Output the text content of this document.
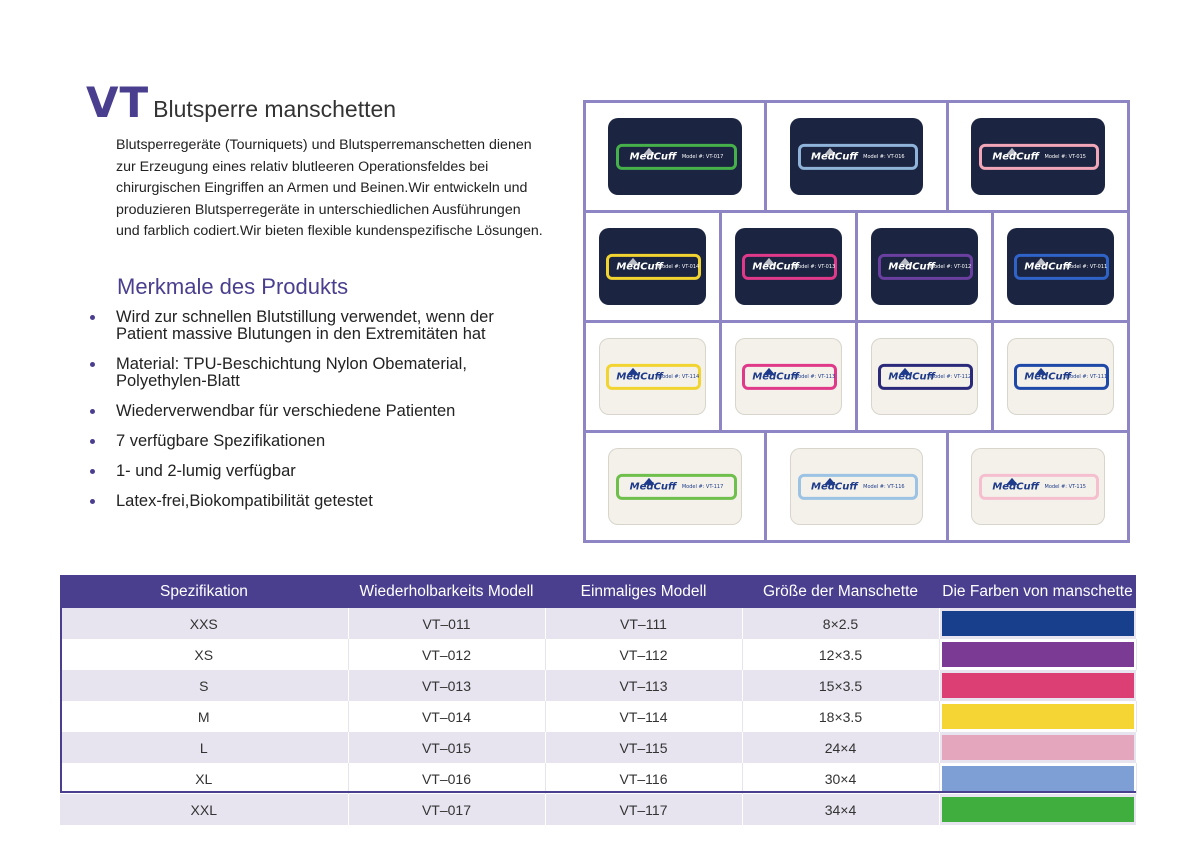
VT Blutsperre manschetten

Blutsperregeräte (Tourniquets) und Blutsperremanschetten dienen

zur Erzeugung eines relativ blutleeren Operationsfeldes bei

chirurgischen Eingriffen an Armen und Beinen.Wir entwickeln und

produzieren Blutsperregeräte in unterschiedlichen Ausführungen

und farblich codiert.Wir bieten flexible kundenspezifische Lösungen.

Merkmale des Produkts
Wird zur schnellen Blutstillung verwendet, wenn der
Patient massive Blutungen in den Extremitäten hat
Material: TPU-Beschichtung Nylon Obematerial,
Polyethylen-Blatt
Wiederverwendbar für verschiedene Patienten
7 verfügbare Spezifikationen
1- und 2-lumig verfügbar
Latex-frei,Biokompatibilität getestet
MedCuff Model #: VT-017	MedCuff Model #: VT-016	MedCuff Model #: VT-015
MedCuff
Model #: VT-014	MedCuff
Model #: VT-013	MedCuff
Model #: VT-012	MedCuff
Model #: VT-011
MedCuff
Model #: VT-114	MedCuff
Model #: VT-113	MedCuff
Model #: VT-112	MedCuff
Model #: VT-111
MedCuff Model #: VT-117	MedCuff Model #: VT-116	MedCuff Model #: VT-115
Spezifikation	Wiederholbarkeits Modell	Einmaliges Modell	Größe der Manschette	Die Farben von manschette
XXS	VT–011	VT–111	8×2.5	

XS	VT–012	VT–112	12×3.5	

S	VT–013	VT–113	15×3.5	

M	VT–014	VT–114	18×3.5	

L	VT–015	VT–115	24×4	

XL	VT–016	VT–116	30×4	

XXL	VT–017	VT–117	34×4	
